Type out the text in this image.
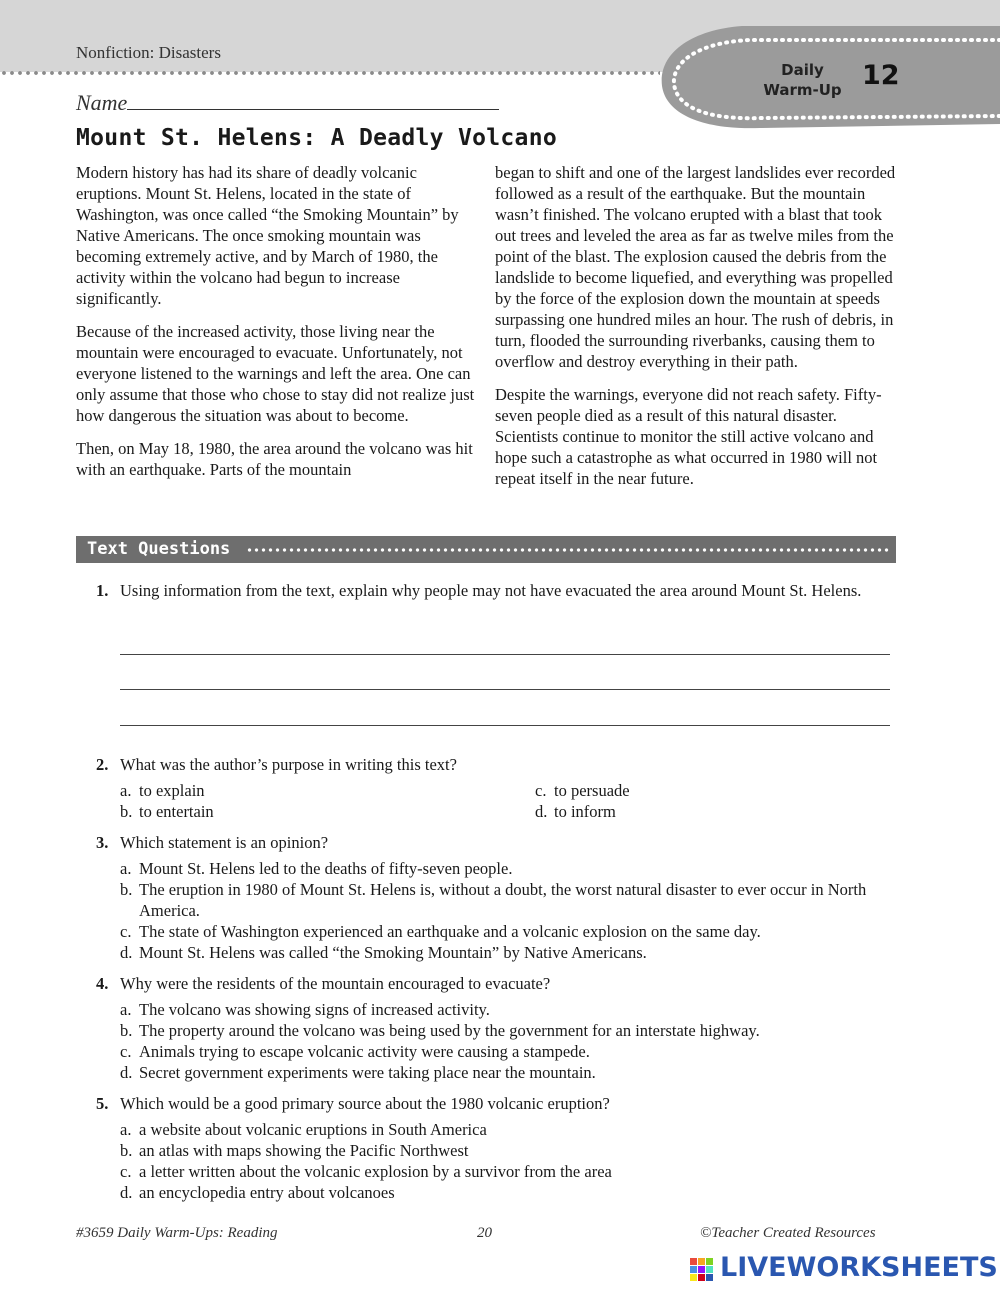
Nonfiction: Disasters
Daily
Warm-Up 12
Name
Mount St. Helens: A Deadly Volcano

Modern history has had its share of deadly volcanic eruptions. Mount St. Helens, located in the state of Washington, was once called “the Smoking Mountain” by Native Americans. The once smoking mountain was becoming extremely active, and by March of 1980, the activity within the volcano had begun to increase significantly.

Because of the increased activity, those living near the mountain were encouraged to evacuate. Unfortunately, not everyone listened to the warnings and left the area. One can only assume that those who chose to stay did not realize just how dangerous the situation was about to become.

Then, on May 18, 1980, the area around the volcano was hit with an earthquake. Parts of the mountain

began to shift and one of the largest landslides ever recorded followed as a result of the earthquake. But the mountain wasn’t finished. The volcano erupted with a blast that took out trees and leveled the area as far as twelve miles from the point of the blast. The explosion caused the debris from the landslide to become liquefied, and everything was propelled by the force of the explosion down the mountain at speeds surpassing one hundred miles an hour. The rush of debris, in turn, flooded the surrounding riverbanks, causing them to overflow and destroy everything in their path.

Despite the warnings, everyone did not reach safety. Fifty-seven people died as a result of this natural disaster. Scientists continue to monitor the still active volcano and hope such a catastrophe as what occurred in 1980 will not repeat itself in the near future.

Text Questions
1. Using information from the text, explain why people may not have evacuated the area around Mount St. Helens.
2. What was the author’s purpose in writing this text?
a. to explain
b. to entertain
c. to persuade
d. to inform
3. Which statement is an opinion?
a. Mount St. Helens led to the deaths of fifty-seven people.
b. The eruption in 1980 of Mount St. Helens is, without a doubt, the worst natural disaster to ever occur in North America.
c. The state of Washington experienced an earthquake and a volcanic explosion on the same day.
d. Mount St. Helens was called “the Smoking Mountain” by Native Americans.
4. Why were the residents of the mountain encouraged to evacuate?
a. The volcano was showing signs of increased activity.
b. The property around the volcano was being used by the government for an interstate highway.
c. Animals trying to escape volcanic activity were causing a stampede.
d. Secret government experiments were taking place near the mountain.
5. Which would be a good primary source about the 1980 volcanic eruption?
a. a website about volcanic eruptions in South America
b. an atlas with maps showing the Pacific Northwest
c. a letter written about the volcanic explosion by a survivor from the area
d. an encyclopedia entry about volcanoes
#3659 Daily Warm-Ups: Reading	20	©Teacher Created Resources
LIVEWORKSHEETS
